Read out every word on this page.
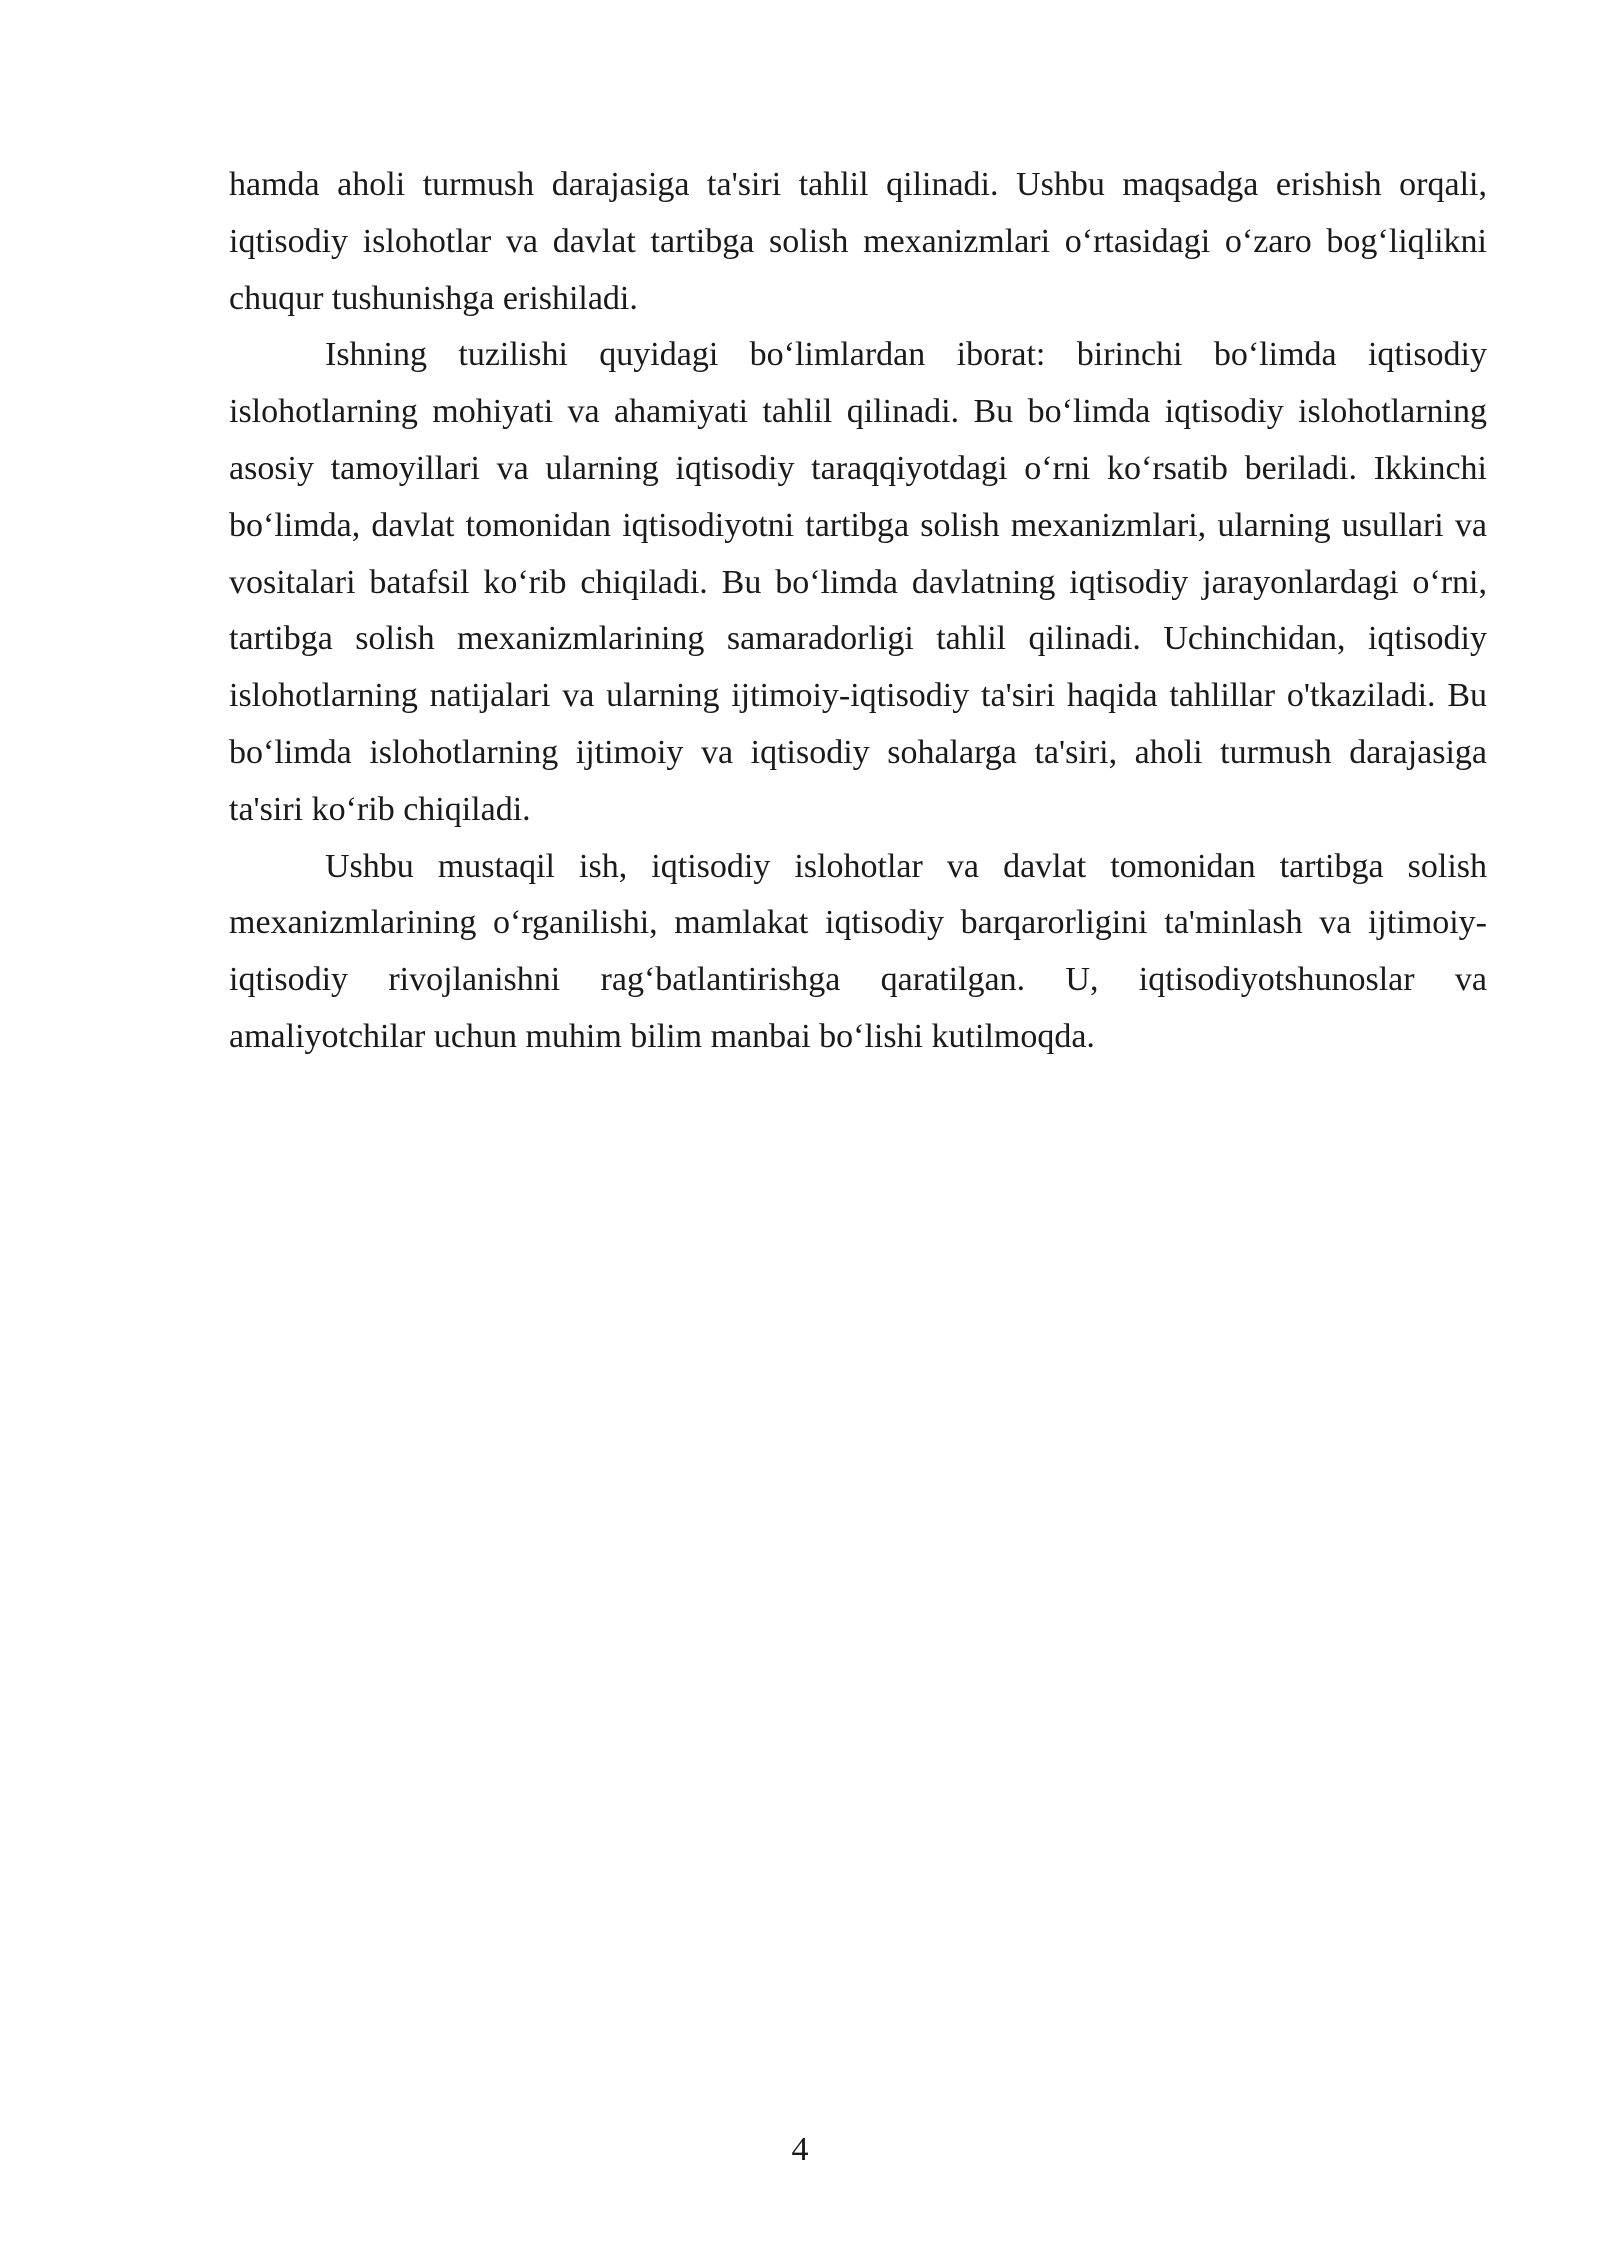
hamda aholi turmush darajasiga ta'siri tahlil qilinadi. Ushbu maqsadga erishish orqali, iqtisodiy islohotlar va davlat tartibga solish mexanizmlari o‘rtasidagi o‘zaro bog‘liqlikni chuqur tushunishga erishiladi.

Ishning tuzilishi quyidagi bo‘limlardan iborat: birinchi bo‘limda iqtisodiy islohotlarning mohiyati va ahamiyati tahlil qilinadi. Bu bo‘limda iqtisodiy islohotlarning asosiy tamoyillari va ularning iqtisodiy taraqqiyotdagi o‘rni ko‘rsatib beriladi. Ikkinchi bo‘limda, davlat tomonidan iqtisodiyotni tartibga solish mexanizmlari, ularning usullari va vositalari batafsil ko‘rib chiqiladi. Bu bo‘limda davlatning iqtisodiy jarayonlardagi o‘rni, tartibga solish mexanizmlarining samaradorligi tahlil qilinadi. Uchinchidan, iqtisodiy islohotlarning natijalari va ularning ijtimoiy-iqtisodiy ta'siri haqida tahlillar o'tkaziladi. Bu bo‘limda islohotlarning ijtimoiy va iqtisodiy sohalarga ta'siri, aholi turmush darajasiga ta'siri ko‘rib chiqiladi.

Ushbu mustaqil ish, iqtisodiy islohotlar va davlat tomonidan tartibga solish mexanizmlarining o‘rganilishi, mamlakat iqtisodiy barqarorligini ta'minlash va ijtimoiy-iqtisodiy rivojlanishni rag‘batlantirishga qaratilgan. U, iqtisodiyotshunoslar va amaliyotchilar uchun muhim bilim manbai bo‘lishi kutilmoqda.

4
